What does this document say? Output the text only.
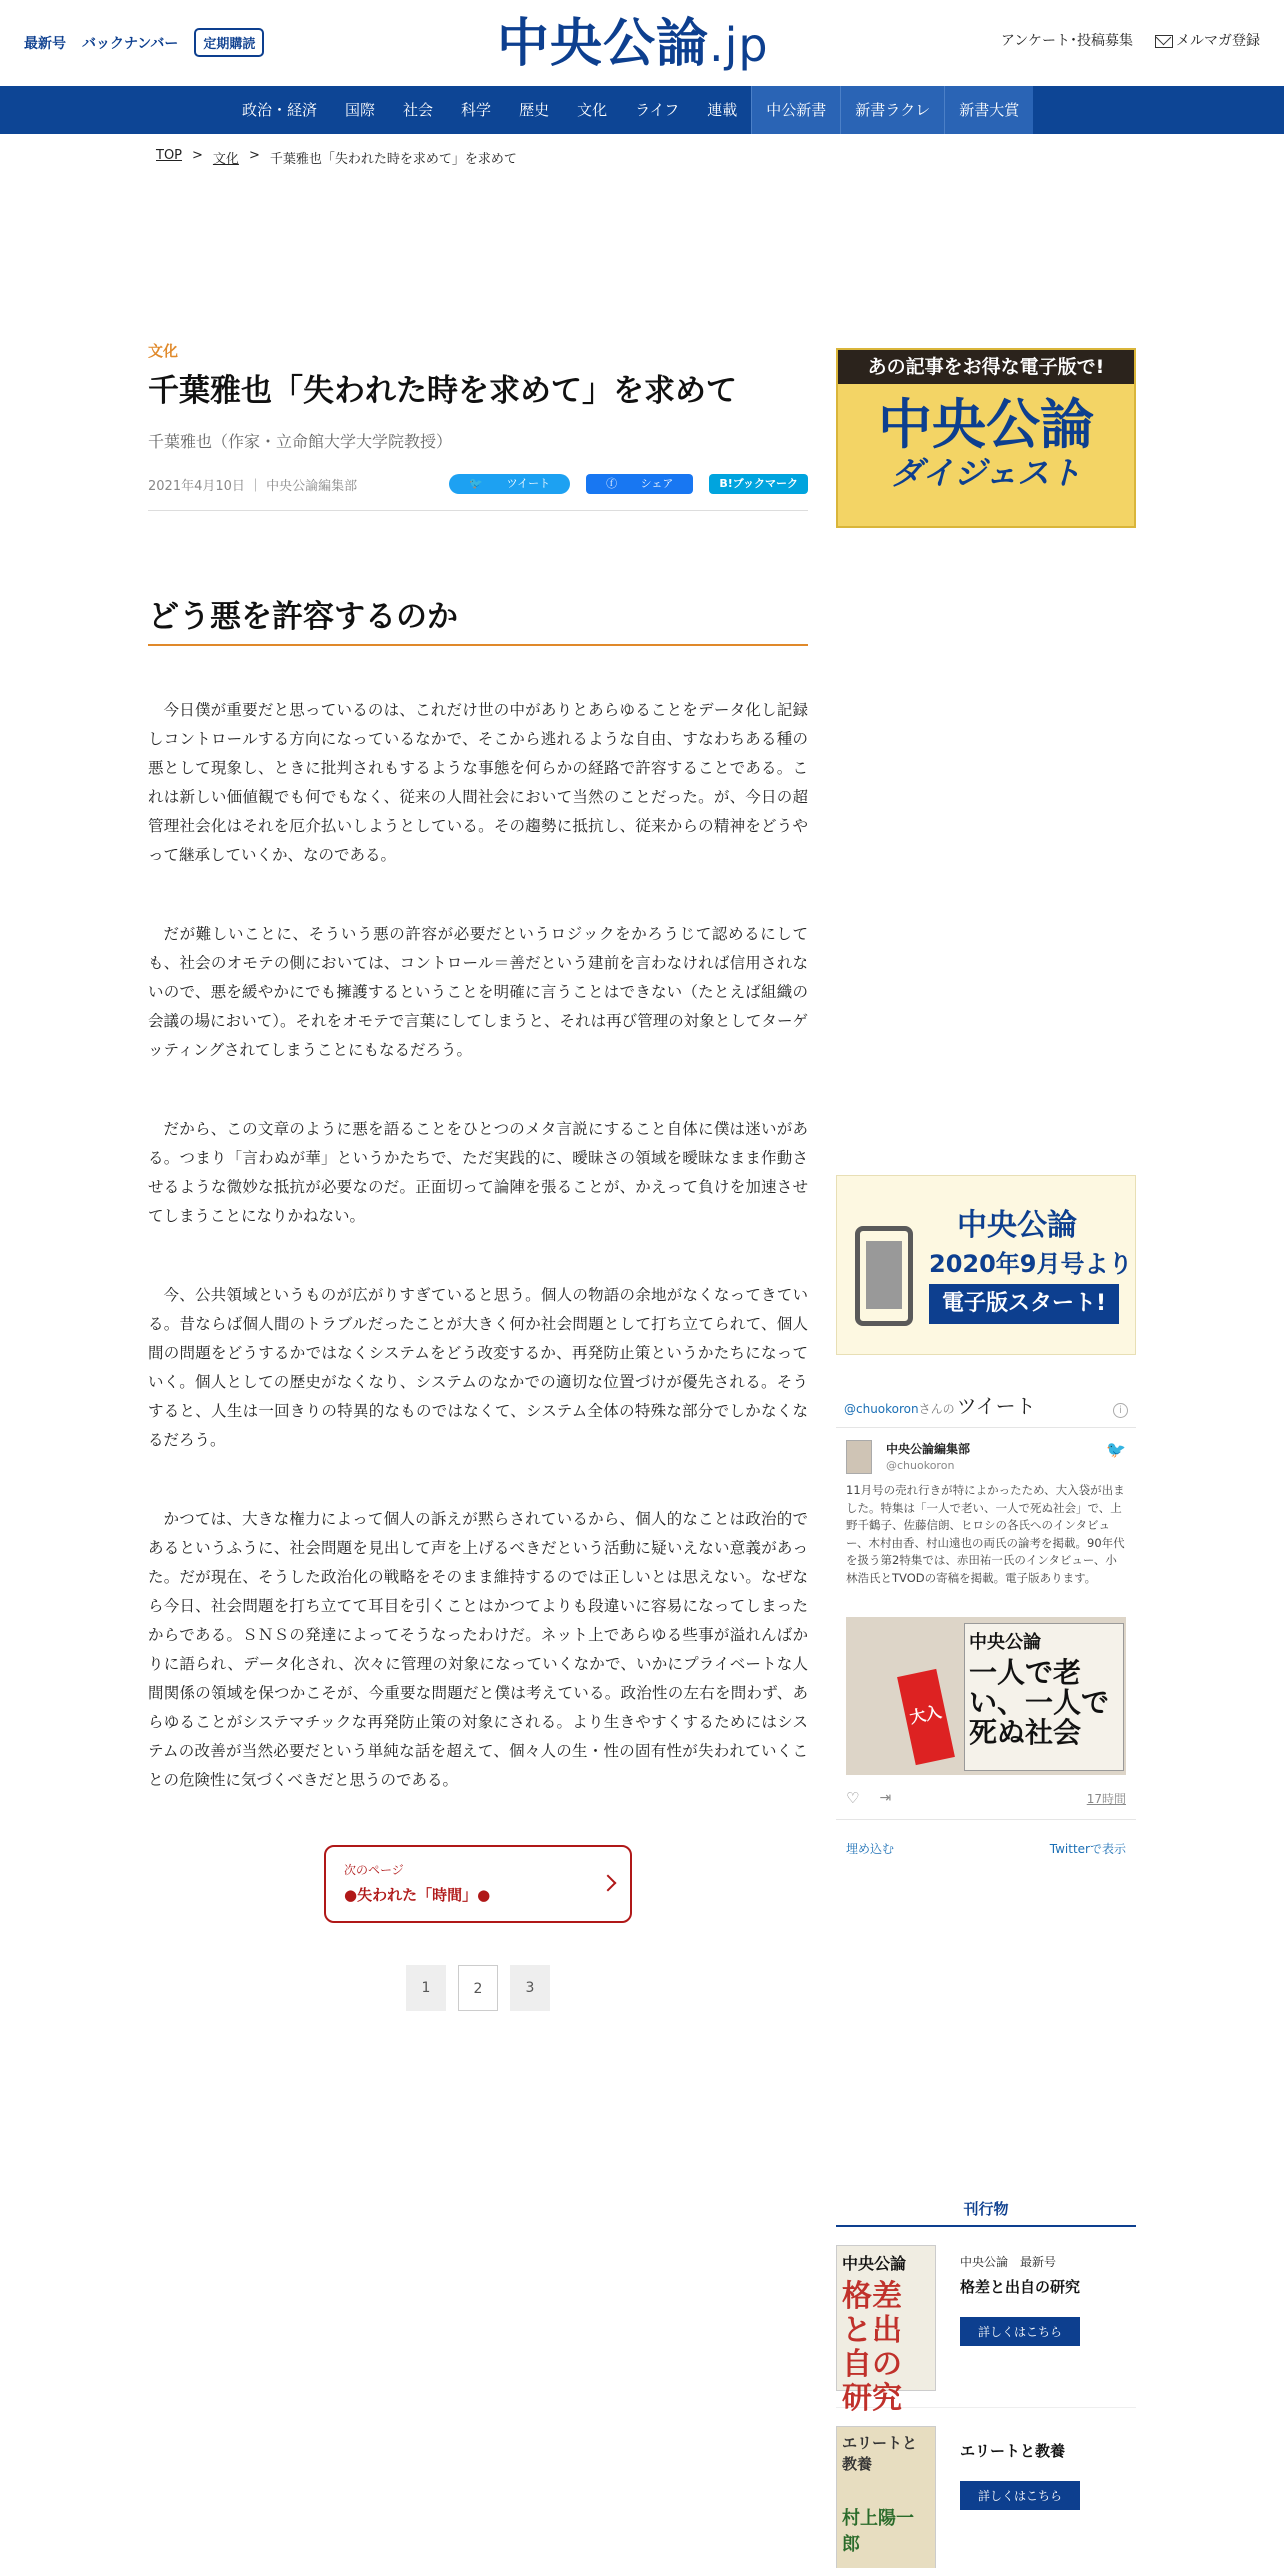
最新号 バックナンバー	定期購読	中央公論.jp	アンケート･投稿募集	メルマガ登録
政治・経済	国際	社会	科学	歴史	文化	ライフ	連載	中公新書	新書ラクレ	新書大賞
TOP > 文化 > 千葉雅也「失われた時を求めて」を求めて
文化
千葉雅也「失われた時を求めて」を求めて
千葉雅也（作家・立命館大学大学院教授）
2021年4月10日 ｜ 中央公論編集部	🐦 ツイート	ⓕ シェア	B!ブックマーク
どう悪を許容するのか

今日僕が重要だと思っているのは、これだけ世の中がありとあらゆることをデータ化し記録しコントロールする方向になっているなかで、そこから逃れるような自由、すなわちある種の悪として現象し、ときに批判されもするような事態を何らかの経路で許容することである。これは新しい価値観でも何でもなく、従来の人間社会において当然のことだった。が、今日の超管理社会化はそれを厄介払いしようとしている。その趨勢に抵抗し、従来からの精神をどうやって継承していくか、なのである。

だが難しいことに、そういう悪の許容が必要だというロジックをかろうじて認めるにしても、社会のオモテの側においては、コントロール＝善だという建前を言わなければ信用されないので、悪を緩やかにでも擁護するということを明確に言うことはできない（たとえば組織の会議の場において）。それをオモテで言葉にしてしまうと、それは再び管理の対象としてターゲッティングされてしまうことにもなるだろう。

だから、この文章のように悪を語ることをひとつのメタ言説にすること自体に僕は迷いがある。つまり「言わぬが華」というかたちで、ただ実践的に、曖昧さの領域を曖昧なまま作動させるような微妙な抵抗が必要なのだ。正面切って論陣を張ることが、かえって負けを加速させてしまうことになりかねない。

今、公共領域というものが広がりすぎていると思う。個人の物語の余地がなくなってきている。昔ならば個人間のトラブルだったことが大きく何か社会問題として打ち立てられて、個人間の問題をどうするかではなくシステムをどう改変するか、再発防止策というかたちになっていく。個人としての歴史がなくなり、システムのなかでの適切な位置づけが優先される。そうすると、人生は一回きりの特異的なものではなくて、システム全体の特殊な部分でしかなくなるだろう。

かつては、大きな権力によって個人の訴えが黙らされているから、個人的なことは政治的であるというふうに、社会問題を見出して声を上げるべきだという活動に疑いえない意義があった。だが現在、そうした政治化の戦略をそのまま維持するのでは正しいとは思えない。なぜなら今日、社会問題を打ち立てて耳目を引くことはかつてよりも段違いに容易になってしまったからである。ＳＮＳの発達によってそうなったわけだ。ネット上であらゆる些事が溢れんばかりに語られ、データ化され、次々に管理の対象になっていくなかで、いかにプライベートな人間関係の領域を保つかこそが、今重要な問題だと僕は考えている。政治性の左右を問わず、あらゆることがシステマチックな再発防止策の対象にされる。より生きやすくするためにはシステムの改善が当然必要だという単純な話を超えて、個々人の生・性の固有性が失われていくことの危険性に気づくべきだと思うのである。

次のページ
●失われた「時間」●
1	2	3
あの記事をお得な電子版で!
中央公論
ダイジェスト
中央公論
2020年9月号より
電子版スタート!
@chuokoron さんの ツイート	i
中央公論編集部
@chuokoron
🐦
11月号の売れ行きが特によかったため、大入袋が出ました。特集は「一人で老い、一人で死ぬ社会」で、上野千鶴子、佐藤信朗、ヒロシの各氏へのインタビュー、木村由香、村山遠也の両氏の論考を掲載。90年代を扱う第2特集では、赤田祐一氏のインタビュー、小林浩氏とTVODの寄稿を掲載。電子版あります。
大入
中央公論
一人で老い、一人で死ぬ社会
♡ ⇥	17時間
埋め込む	Twitterで表示
刊行物
中央公論
格差と出自の研究
中央公論　最新号
格差と出自の研究
詳しくはこちら
エリートと教養
村上陽一郎
エリートと教養
詳しくはこちら
